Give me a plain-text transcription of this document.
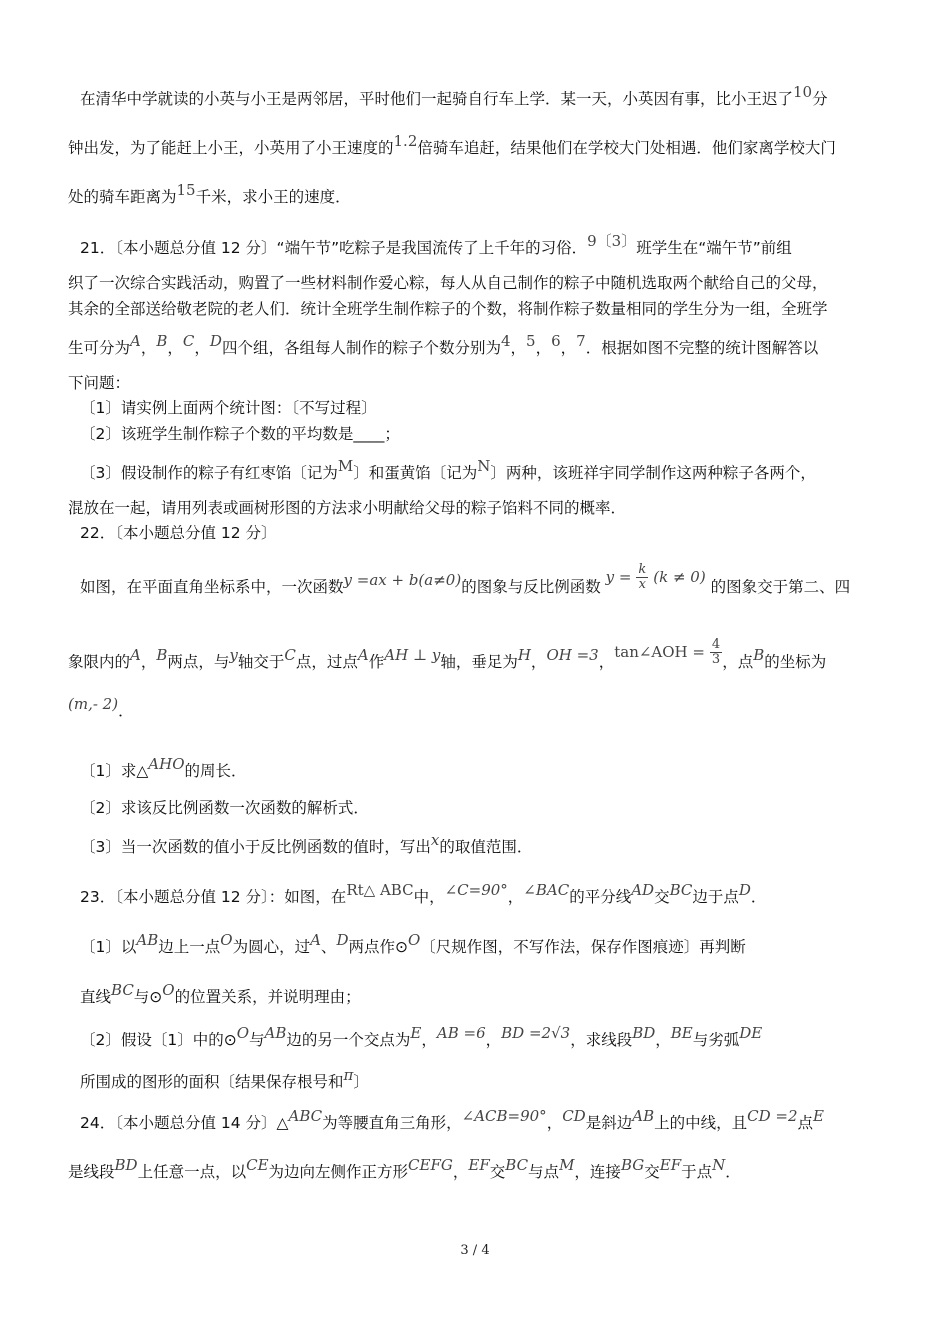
在清华中学就读的小英与小王是两邻居，平时他们一起骑自行车上学．某一天，小英因有事，比小王迟了10分
钟出发，为了能赶上小王，小英用了小王速度的1.2倍骑车追赶，结果他们在学校大门处相遇．他们家离学校大门
处的骑车距离为15千米，求小王的速度．
21．〔本小题总分值 12 分〕“端午节”吃粽子是我国流传了上千年的习俗．9〔3〕班学生在“端午节”前组
织了一次综合实践活动，购置了一些材料制作爱心粽，每人从自己制作的粽子中随机选取两个献给自己的父母，
其余的全部送给敬老院的老人们．统计全班学生制作粽子的个数，将制作粽子数量相同的学生分为一组，全班学
生可分为A，B，C，D四个组，各组每人制作的粽子个数分别为4，5，6，7．根据如图不完整的统计图解答以
下问题：
〔1〕请实例上面两个统计图：〔不写过程〕
〔2〕该班学生制作粽子个数的平均数是____；
〔3〕假设制作的粽子有红枣馅〔记为M〕和蛋黄馅〔记为N〕两种，该班祥宇同学制作这两种粽子各两个，
混放在一起，请用列表或画树形图的方法求小明献给父母的粽子馅料不同的概率．
22．〔本小题总分值 12 分〕
如图，在平面直角坐标系中，一次函数y =ax + b(a≠0)的图象与反比例函数 $y = \frac{k}{x} (k \ne 0)$ 的图象交于第二、四
象限内的A，B两点，与y轴交于C点，过点A作AH ⊥ y轴，垂足为H，OH =3，tan∠AOH = $\frac{4}{3}$ ，点B的坐标为
(m,- 2)．
〔1〕求△AHO的周长．
〔2〕求该反比例函数一次函数的解析式．
〔3〕当一次函数的值小于反比例函数的值时，写出x的取值范围．
23．〔本小题总分值 12 分〕：如图，在Rt△ ABC中，∠C=90°，∠BAC的平分线AD交BC边于点D．
〔1〕以AB边上一点O为圆心，过A、D两点作⊙O〔尺规作图，不写作法，保存作图痕迹〕再判断
直线BC与⊙O的位置关系，并说明理由；
〔2〕假设〔1〕中的⊙O与AB边的另一个交点为E，AB =6，BD =2√3，求线段BD，BE与劣弧DE
所围成的图形的面积〔结果保存根号和π〕
24．〔本小题总分值 14 分〕△ABC为等腰直角三角形，∠ACB=90°，CD是斜边AB上的中线，且CD =2点E
是线段BD上任意一点，以CE为边向左侧作正方形CEFG，EF交BC与点M，连接BG交EF于点N．
3 / 4
